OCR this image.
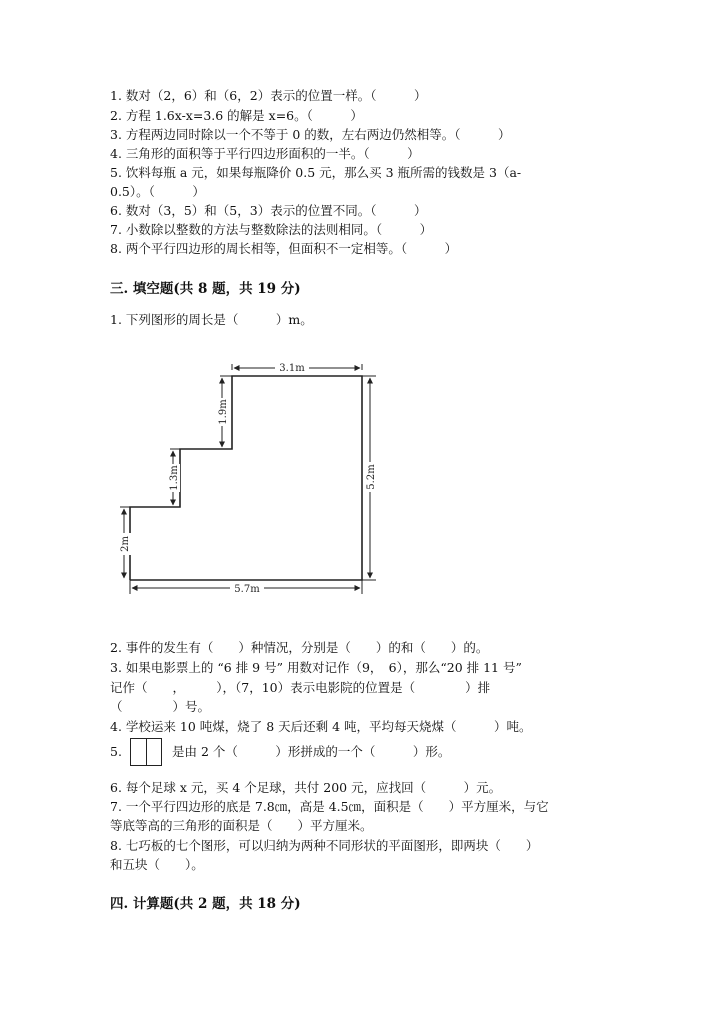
1. 数对（2，6）和（6，2）表示的位置一样。（　　　）
2. 方程 1.6x-x=3.6 的解是 x=6。（　　　）
3. 方程两边同时除以一个不等于 0 的数，左右两边仍然相等。（　　　）
4. 三角形的面积等于平行四边形面积的一半。（　　　）
5. 饮料每瓶 a 元，如果每瓶降价 0.5 元，那么买 3 瓶所需的钱数是 3（a-
0.5）。（　　　）
6. 数对（3，5）和（5，3）表示的位置不同。（　　　）
7. 小数除以整数的方法与整数除法的法则相同。（　　　）
8. 两个平行四边形的周长相等，但面积不一定相等。（　　　）
三. 填空题(共 8 题，共 19 分)
1. 下列图形的周长是（　　　）m。
3.1m
1.9m
1.3m
2m
5.2m
5.7m
2. 事件的发生有（　　）种情况，分别是（　　）的和（　　）的。
3. 如果电影票上的 “6 排 9 号” 用数对记作（9，　6），那么“20 排 11 号”
记作（　　，　　　），（7，10）表示电影院的位置是（　　　　）排
（　　　　）号。
4. 学校运来 10 吨煤，烧了 8 天后还剩 4 吨，平均每天烧煤（　　　）吨。
5.	是由 2 个（　　　）形拼成的一个（　　　）形。
6. 每个足球 x 元，买 4 个足球，共付 200 元，应找回（　　　）元。
7. 一个平行四边形的底是 7.8㎝，高是 4.5㎝，面积是（　　）平方厘米，与它
等底等高的三角形的面积是（　　）平方厘米。
8. 七巧板的七个图形，可以归纳为两种不同形状的平面图形，即两块（　　）
和五块（　　）。
四. 计算题(共 2 题，共 18 分)
